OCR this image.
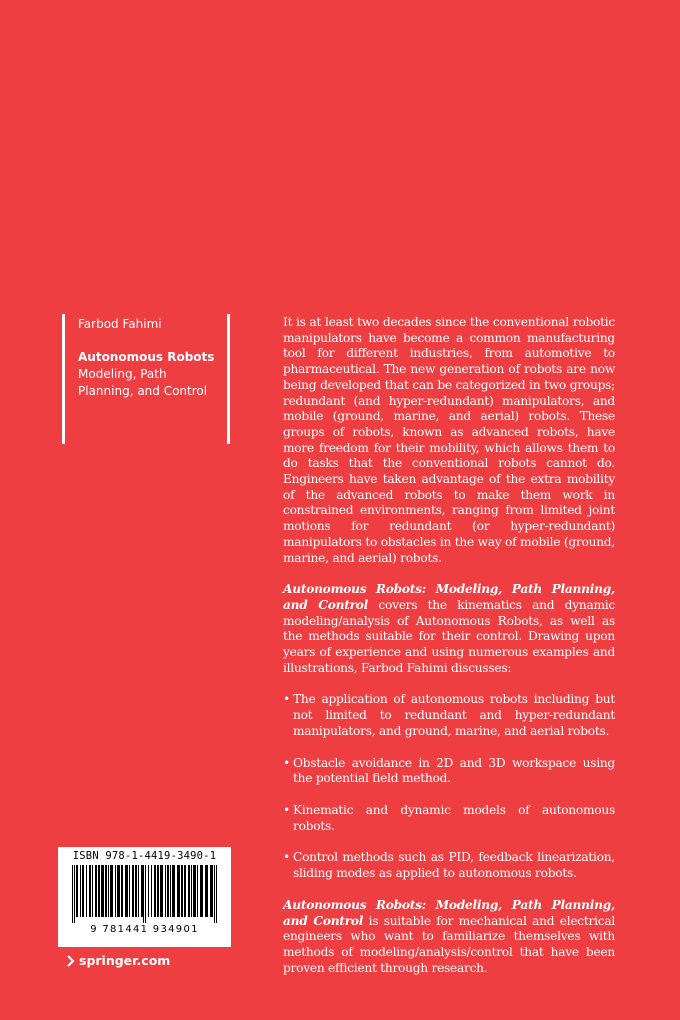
Farbod Fahimi
Autonomous Robots
Modeling, Path Planning, and Control

It is at least two decades since the conventional robotic manipulators have become a common manufacturing tool for different industries, from automotive to pharmaceutical. The new generation of robots are now being developed that can be categorized in two groups; redundant (and hyper-redundant) manipulators, and mobile (ground, marine, and aerial) robots. These groups of robots, known as advanced robots, have more freedom for their mobility, which allows them to do tasks that the conventional robots cannot do. Engineers have taken advantage of the extra mobility of the advanced robots to make them work in constrained environments, ranging from limited joint motions for redundant (or hyper-redundant) manipulators to obstacles in the way of mobile (ground, marine, and aerial) robots.

Autonomous Robots: Modeling, Path Planning, and Control covers the kinematics and dynamic modeling/analysis of Autonomous Robots, as well as the methods suitable for their control. Drawing upon years of experience and using numerous examples and illustrations, Farbod Fahimi discusses:

• The application of autonomous robots including but not limited to redundant and hyper-redundant manipulators, and ground, marine, and aerial robots.
• Obstacle avoidance in 2D and 3D workspace using the potential field method.
• Kinematic and dynamic models of autonomous robots.
• Control methods such as PID, feedback linearization, sliding modes as applied to autonomous robots.

Autonomous Robots: Modeling, Path Planning, and Control is suitable for mechanical and electrical engineers who want to familiarize themselves with methods of modeling/analysis/control that have been proven efficient through research.

ISBN 978-1-4419-3490-1
9 781441 934901
springer.com
